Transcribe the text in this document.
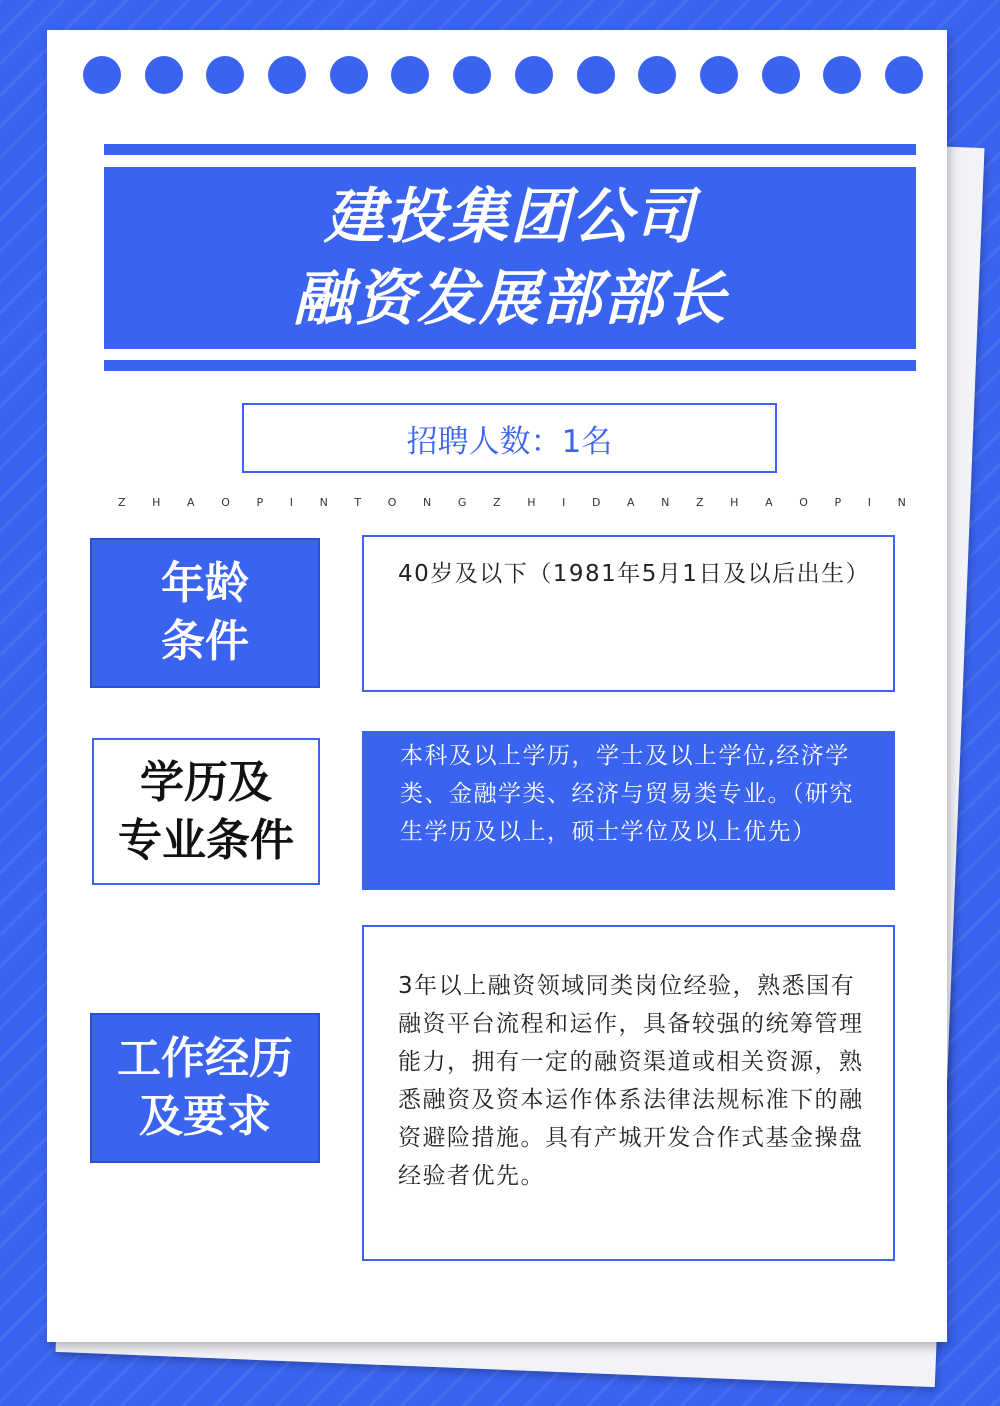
建投集团公司
融资发展部部长
招聘人数：1名
Z H A O P I N T O N G Z H I D A N Z H A O P I N
年龄
条件
40岁及以下（1981年5月1日及以后出生）
学历及
专业条件
本科及以上学历，学士及以上学位,经济学类、金融学类、经济与贸易类专业。（研究生学历及以上，硕士学位及以上优先）
工作经历
及要求
3年以上融资领域同类岗位经验，熟悉国有融资平台流程和运作，具备较强的统筹管理能力，拥有一定的融资渠道或相关资源，熟悉融资及资本运作体系法律法规标准下的融资避险措施。具有产城开发合作式基金操盘经验者优先。
